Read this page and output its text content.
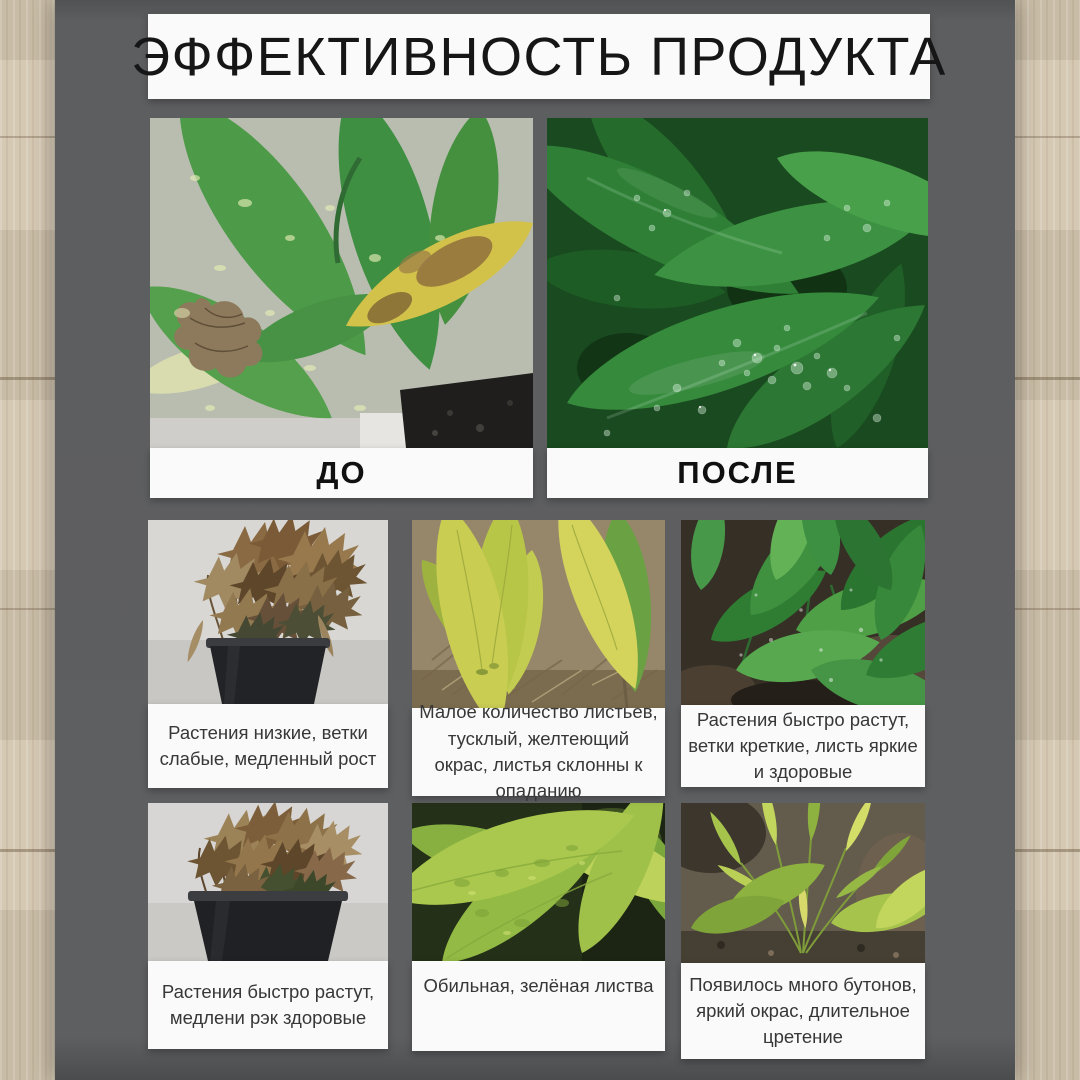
ЭФФЕКТИВНОСТЬ ПРОДУКТА
ДО	ПОСЛЕ
Растения низкие, ветки слабые, медленный рост
Малое количество листьев, тусклый, желтеющий окрас, листья склонны к опаданию
Растения быстро растут, ветки креткие, листь яркие и здоровые
Растения быстро растут, медлени рэк здоровые
Обильная, зелёная листва Появилось много бутонов, яркий окрас, длительное цретение
